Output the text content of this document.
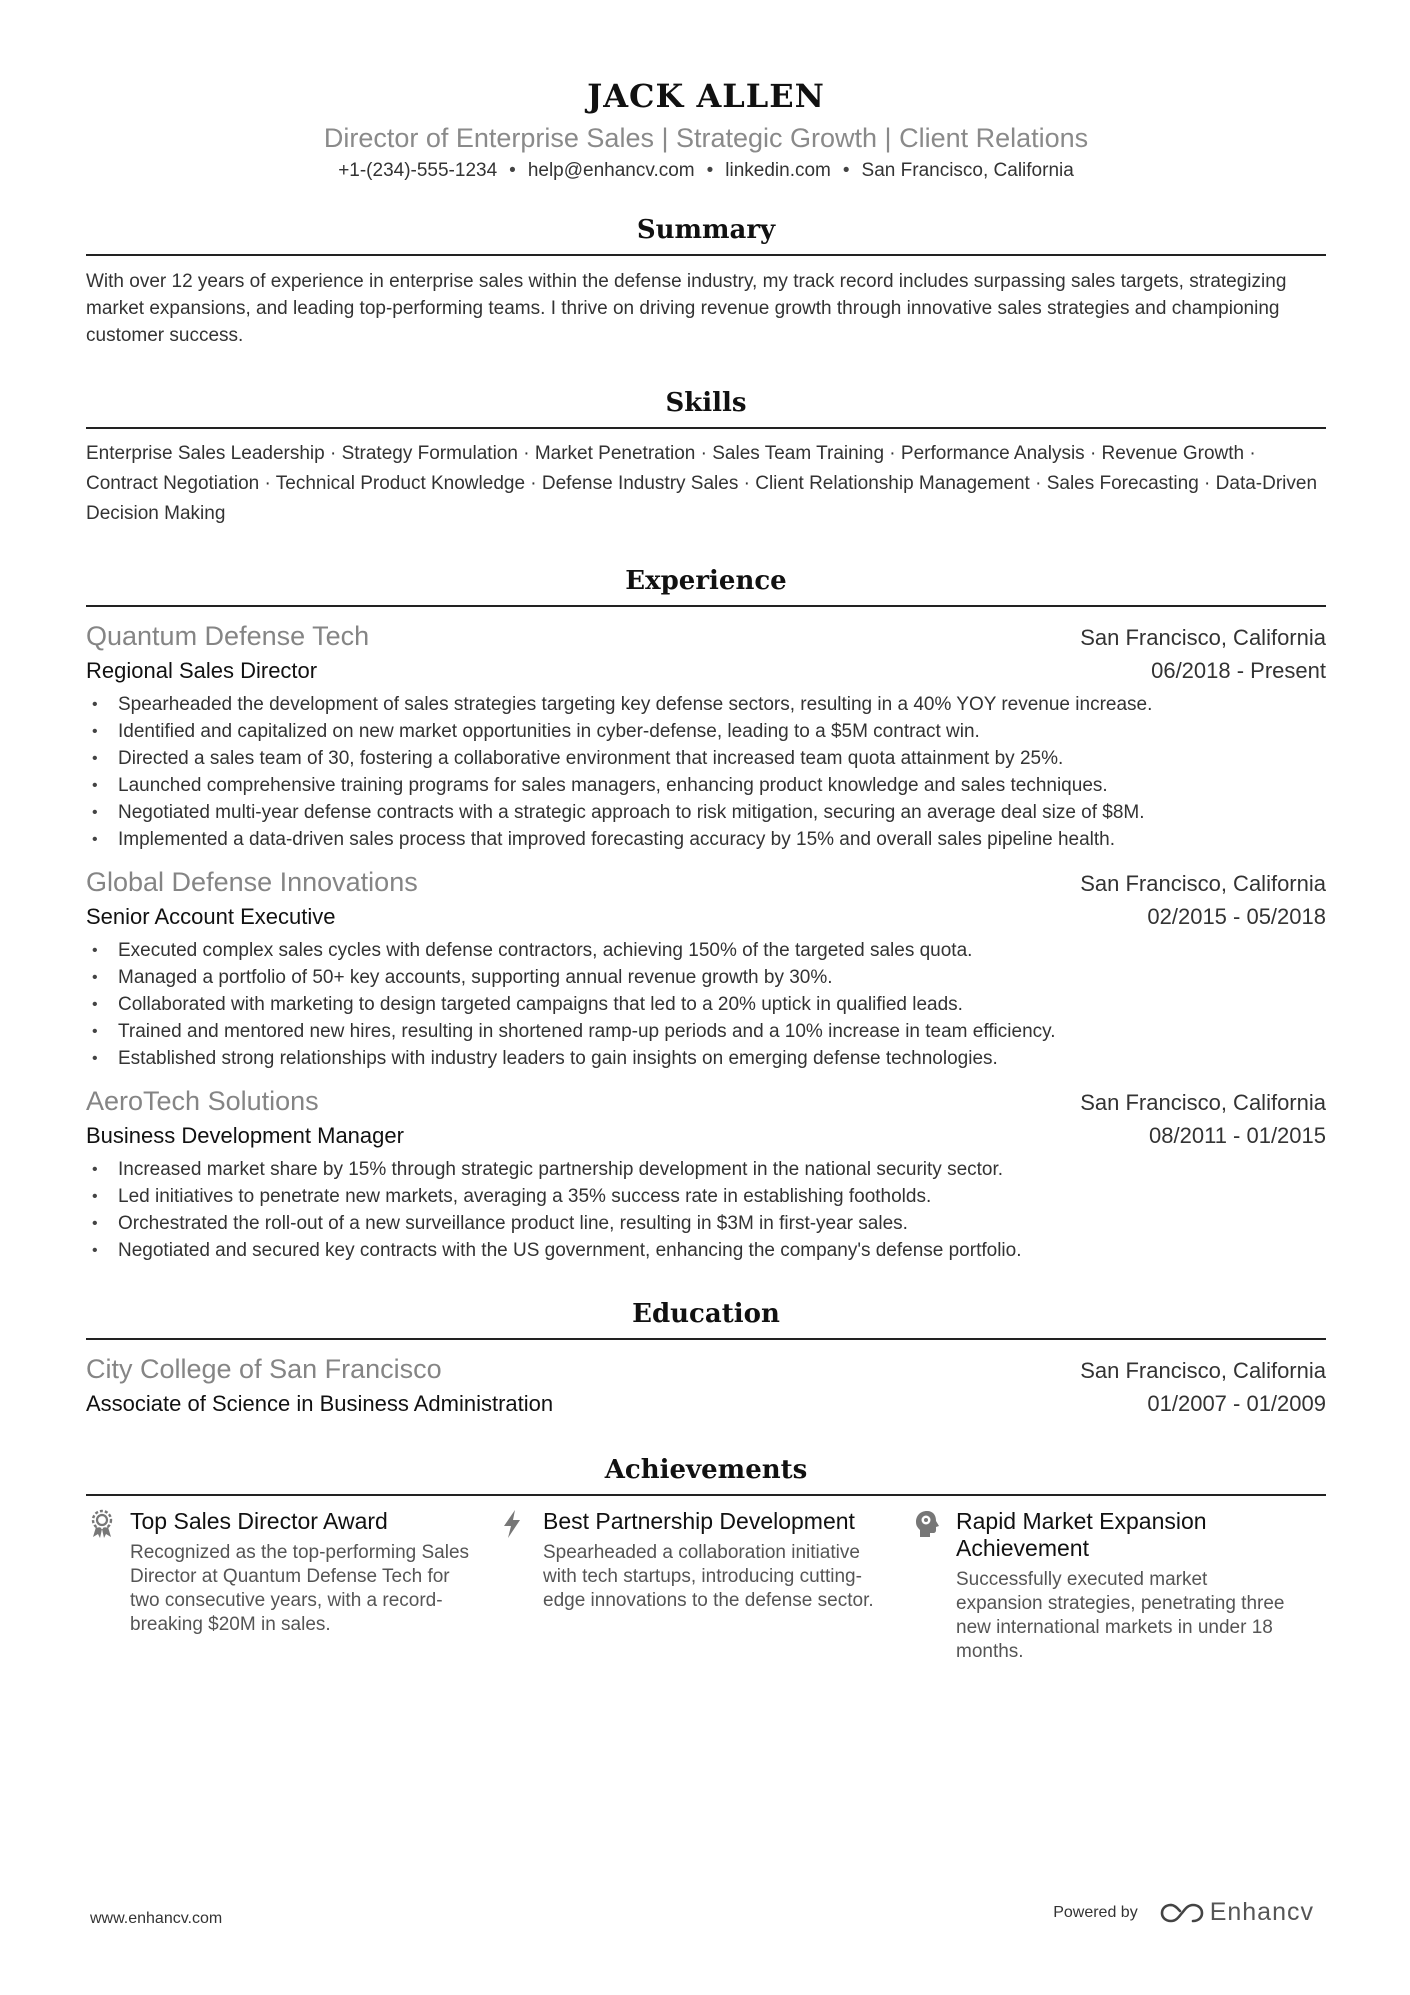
JACK ALLEN
Director of Enterprise Sales | Strategic Growth | Client Relations
+1-(234)-555-1234 • help@enhancv.com • linkedin.com • San Francisco, California
Summary
With over 12 years of experience in enterprise sales within the defense industry, my track record includes surpassing sales targets, strategizing market expansions, and leading top-performing teams. I thrive on driving revenue growth through innovative sales strategies and championing customer success.
Skills
Enterprise Sales Leadership · Strategy Formulation · Market Penetration · Sales Team Training · Performance Analysis · Revenue Growth · Contract Negotiation · Technical Product Knowledge · Defense Industry Sales · Client Relationship Management · Sales Forecasting · Data-Driven Decision Making
Experience
Quantum Defense Tech	San Francisco, California
Regional Sales Director	06/2018 - Present
• Spearheaded the development of sales strategies targeting key defense sectors, resulting in a 40% YOY revenue increase.
• Identified and capitalized on new market opportunities in cyber-defense, leading to a $5M contract win.
• Directed a sales team of 30, fostering a collaborative environment that increased team quota attainment by 25%.
• Launched comprehensive training programs for sales managers, enhancing product knowledge and sales techniques.
• Negotiated multi-year defense contracts with a strategic approach to risk mitigation, securing an average deal size of $8M.
• Implemented a data-driven sales process that improved forecasting accuracy by 15% and overall sales pipeline health.
Global Defense Innovations	San Francisco, California
Senior Account Executive	02/2015 - 05/2018
• Executed complex sales cycles with defense contractors, achieving 150% of the targeted sales quota.
• Managed a portfolio of 50+ key accounts, supporting annual revenue growth by 30%.
• Collaborated with marketing to design targeted campaigns that led to a 20% uptick in qualified leads.
• Trained and mentored new hires, resulting in shortened ramp-up periods and a 10% increase in team efficiency.
• Established strong relationships with industry leaders to gain insights on emerging defense technologies.
AeroTech Solutions	San Francisco, California
Business Development Manager	08/2011 - 01/2015
• Increased market share by 15% through strategic partnership development in the national security sector.
• Led initiatives to penetrate new markets, averaging a 35% success rate in establishing footholds.
• Orchestrated the roll-out of a new surveillance product line, resulting in $3M in first-year sales.
• Negotiated and secured key contracts with the US government, enhancing the company's defense portfolio.
Education
City College of San Francisco	San Francisco, California
Associate of Science in Business Administration	01/2007 - 01/2009
Achievements
Top Sales Director Award
Recognized as the top-performing Sales Director at Quantum Defense Tech for two consecutive years, with a record-breaking $20M in sales.
Best Partnership Development
Spearheaded a collaboration initiative with tech startups, introducing cutting-edge innovations to the defense sector.
Rapid Market Expansion Achievement
Successfully executed market expansion strategies, penetrating three new international markets in under 18 months.
www.enhancv.com	Powered by	Enhancv
